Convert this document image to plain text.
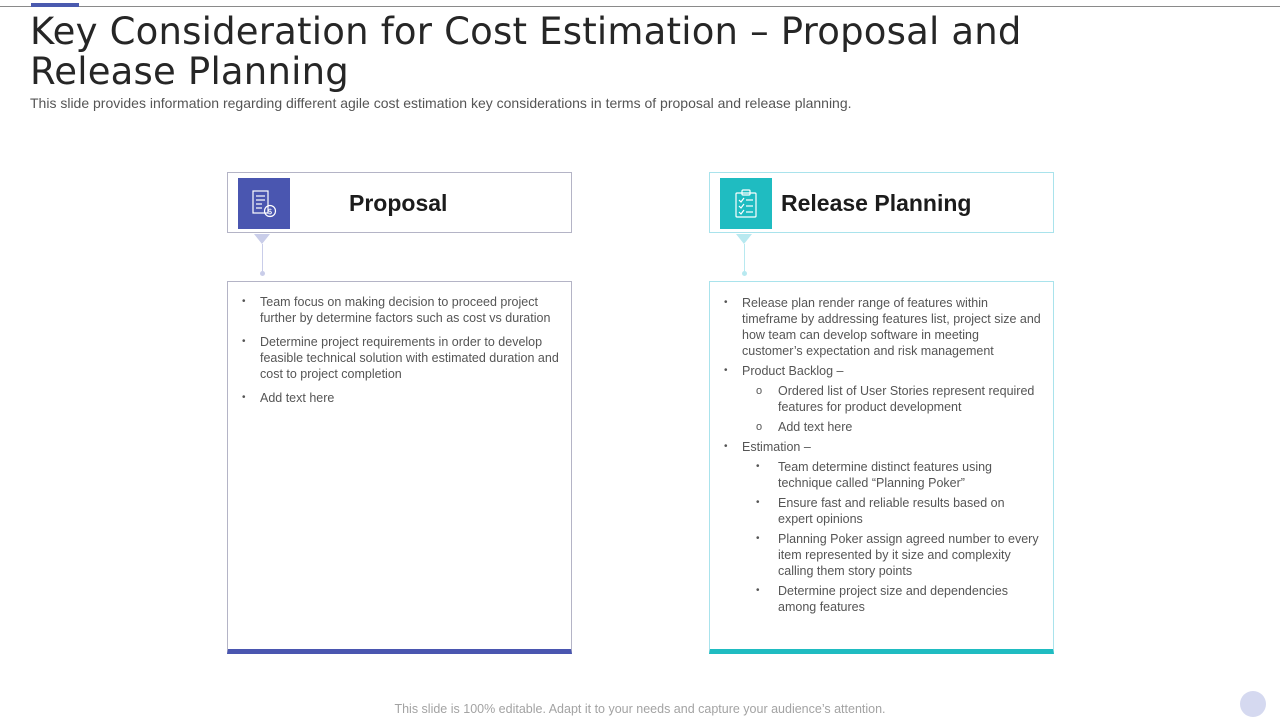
Key Consideration for Cost Estimation – Proposal and Release Planning
This slide provides information regarding different agile cost estimation key considerations in terms of proposal and release planning.
$	Proposal
• Team focus on making decision to proceed project further by determine factors such as cost vs duration
• Determine project requirements in order to develop feasible technical solution with estimated duration and cost to project completion
• Add text here
Release Planning
• Release plan render range of features within timeframe by addressing features list, project size and how team can develop software in meeting customer’s expectation and risk management
• Product Backlog –
o Ordered list of User Stories represent required features for product development
o Add text here
• Estimation –
• Team determine distinct features using technique called “Planning Poker”
• Ensure fast and reliable results based on expert opinions
• Planning Poker assign agreed number to every item represented by it size and complexity calling them story points
• Determine project size and dependencies among features
This slide is 100% editable. Adapt it to your needs and capture your audience’s attention.
